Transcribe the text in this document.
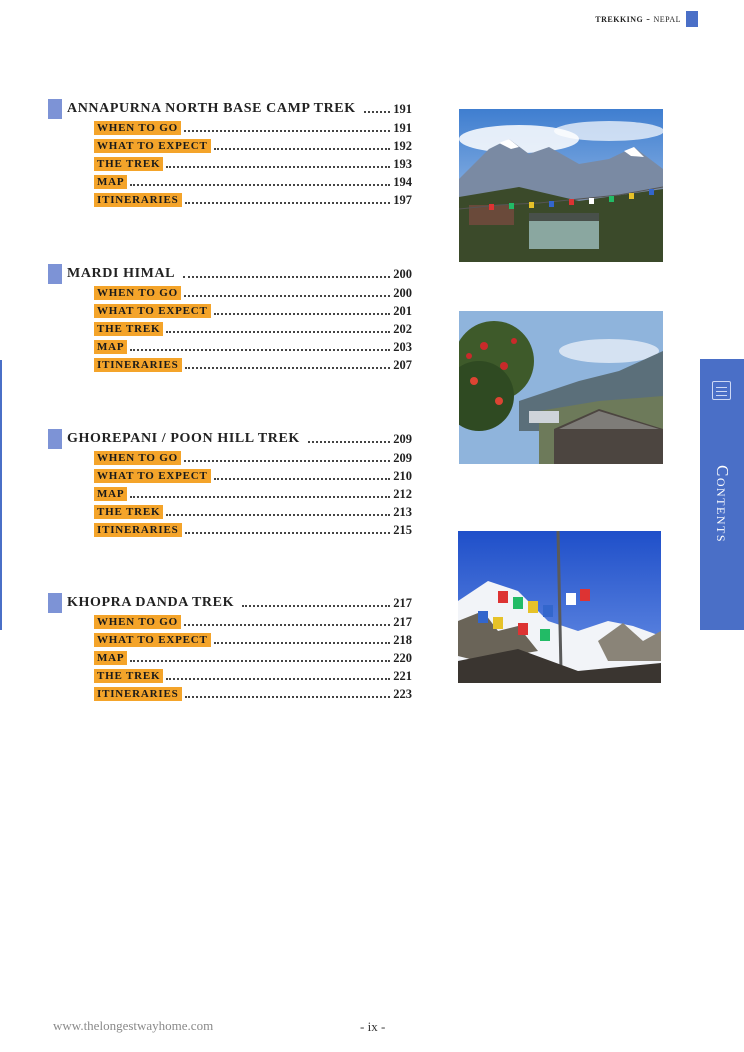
trekking - nepal
ANNAPURNA NORTH BASE CAMP TREK	191
WHEN TO GO	191
WHAT TO EXPECT	192
THE TREK	193
MAP	194
ITINERARIES	197
MARDI HIMAL	200
WHEN TO GO	200
WHAT TO EXPECT	201
THE TREK	202
MAP	203
ITINERARIES	207
GHOREPANI / POON HILL TREK	209
WHEN TO GO	209
WHAT TO EXPECT	210
MAP	212
THE TREK	213
ITINERARIES	215
KHOPRA DANDA TREK	217
WHEN TO GO	217
WHAT TO EXPECT	218
MAP	220
THE TREK	221
ITINERARIES	223
Contents
www.thelongestwayhome.com	- ix -
